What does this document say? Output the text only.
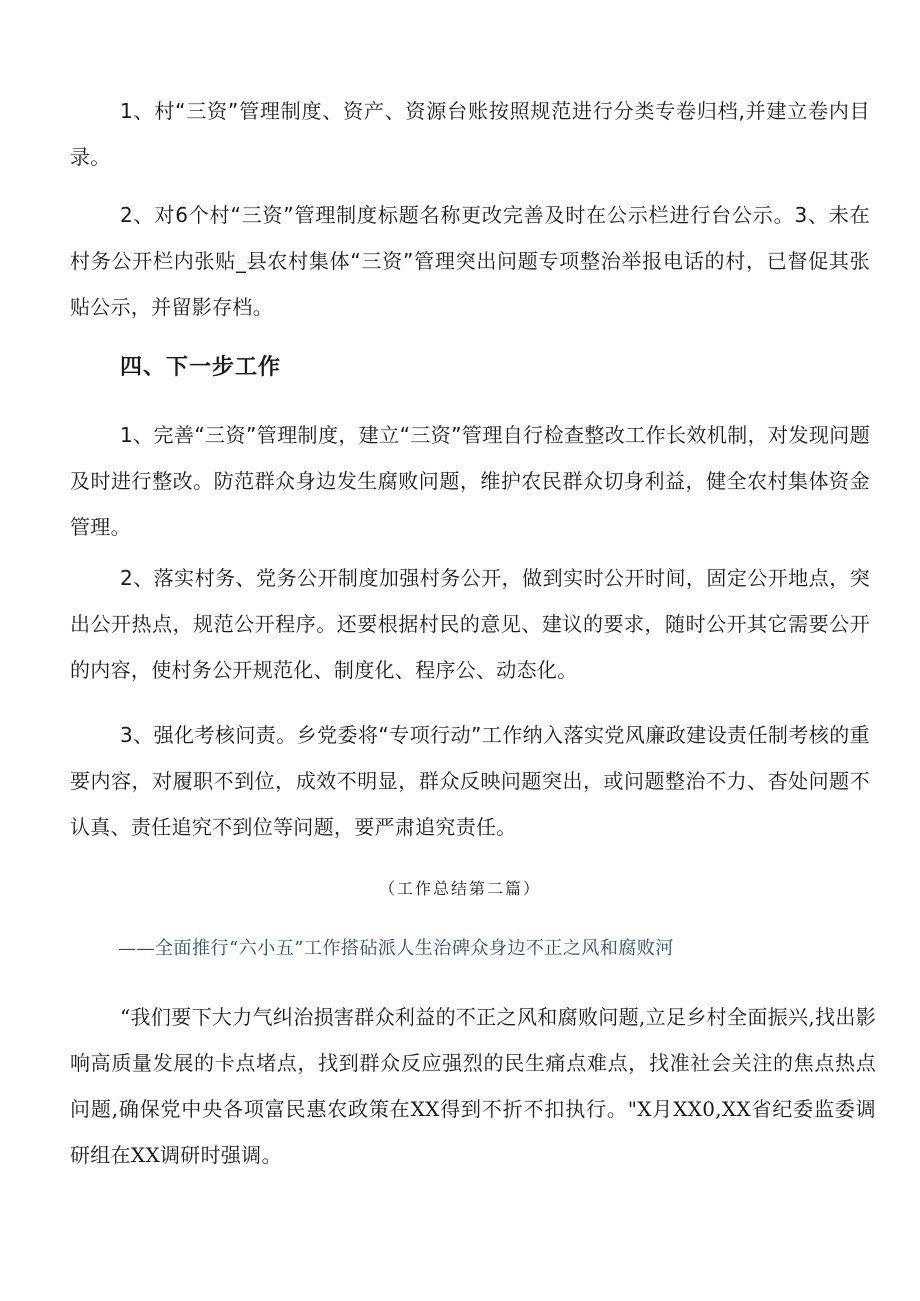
1、村“三资”管理制度、资产、资源台账按照规范进行分类专卷归档,并建立卷内目录。

2、对6个村“三资”管理制度标题名称更改完善及时在公示栏进行台公示。3、未在村务公开栏内张贴_县农村集体“三资”管理突出问题专项整治举报电话的村，已督促其张贴公示，并留影存档。

四、下一步工作

1、完善“三资”管理制度，建立“三资”管理自行检查整改工作长效机制，对发现问题及时进行整改。防范群众身边发生腐败问题，维护农民群众切身利益，健全农村集体资金管理。

2、落实村务、党务公开制度加强村务公开，做到实时公开时间，固定公开地点，突出公开热点，规范公开程序。还要根据村民的意见、建议的要求，随时公开其它需要公开的内容，使村务公开规范化、制度化、程序公、动态化。

3、强化考核问责。乡党委将“专项行动”工作纳入落实党风廉政建设责任制考核的重要内容，对履职不到位，成效不明显，群众反映问题突出，或问题整治不力、杳处问题不认真、责任追究不到位等问题，要严肃追究责任。

（工作总结第二篇）

——全面推行“六小五”工作搭砧派人生治碑众身边不正之风和腐败河

“我们要下大力气纠治损害群众利益的不正之风和腐败问题,立足乡村全面振兴,找出影响高质量发展的卡点堵点，找到群众反应强烈的民生痛点难点，找准社会关注的焦点热点问题,确保党中央各项富民惠农政策在XX得到不折不扣执行。"X月XX0,XX省纪委监委调研组在XX调研时强调。
